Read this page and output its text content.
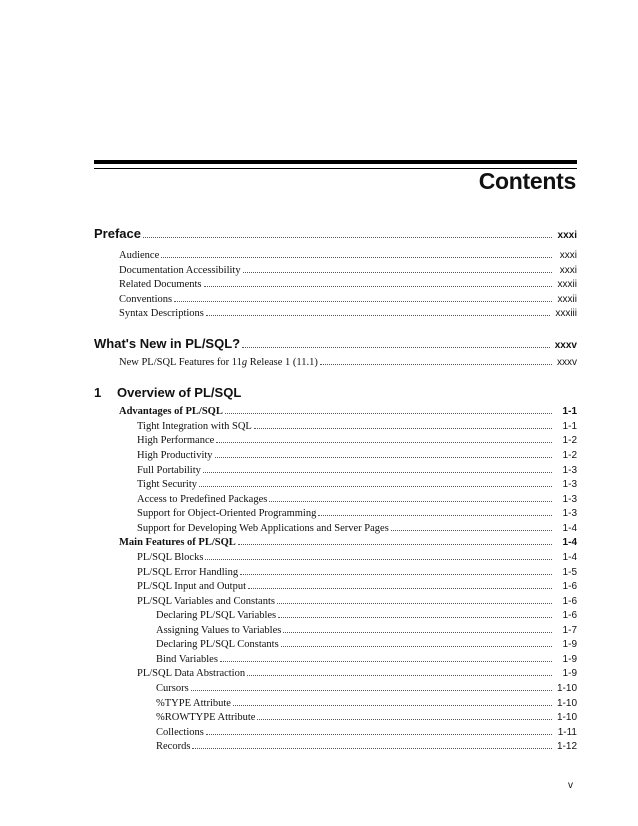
Contents
Preface	xxxi
Audience	xxxi
Documentation Accessibility	xxxi
Related Documents	xxxii
Conventions	xxxii
Syntax Descriptions	xxxiii
What's New in PL/SQL?	xxxv
New PL/SQL Features for 11g Release 1 (11.1)	xxxv
1 Overview of PL/SQL
Advantages of PL/SQL	1-1
Tight Integration with SQL	1-1
High Performance	1-2
High Productivity	1-2
Full Portability	1-3
Tight Security	1-3
Access to Predefined Packages	1-3
Support for Object-Oriented Programming	1-3
Support for Developing Web Applications and Server Pages	1-4
Main Features of PL/SQL	1-4
PL/SQL Blocks	1-4
PL/SQL Error Handling	1-5
PL/SQL Input and Output	1-6
PL/SQL Variables and Constants	1-6
Declaring PL/SQL Variables	1-6
Assigning Values to Variables	1-7
Declaring PL/SQL Constants	1-9
Bind Variables	1-9
PL/SQL Data Abstraction	1-9
Cursors	1-10
%TYPE Attribute	1-10
%ROWTYPE Attribute	1-10
Collections	1-11
Records	1-12
v
